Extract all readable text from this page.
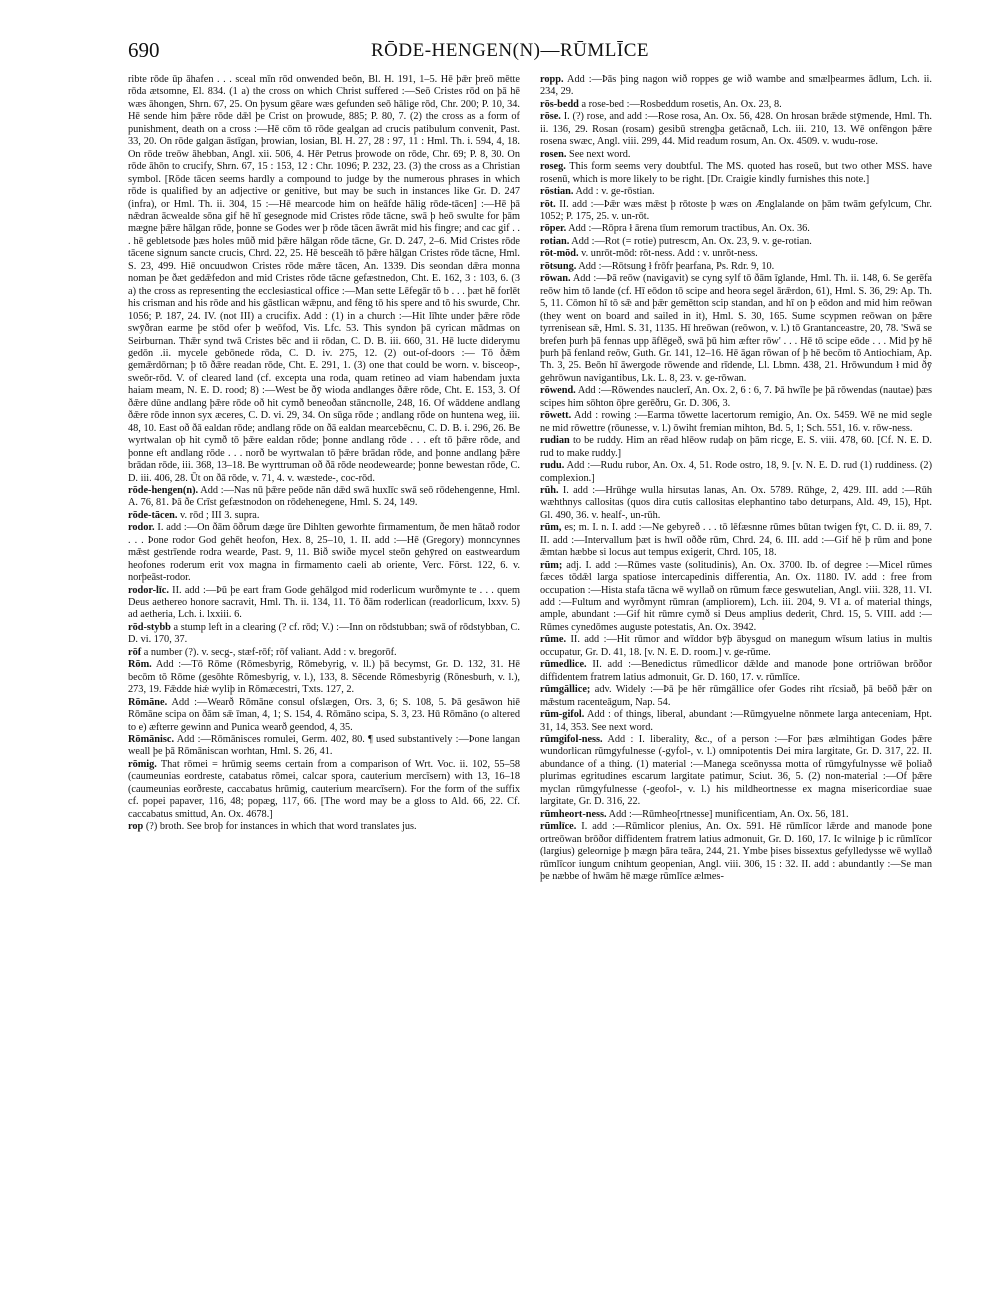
690	RŌDE-HENGEN(N)—RŪMLĪCE

ribte rōde ūp āhafen . . . sceal mīn rōd onwended beōn, Bl. H. 191, 1–5. Hē þǣr þreō mētte rōda ætsomne, El. 834. (1 a) the cross on which Christ suffered :—Seō Cristes rōd on þā hē wæs āhongen, Shrn. 67, 25. On þysum gēare wæs gefunden seō hālige rōd, Chr. 200; P. 10, 34. Hē sende him þǣre rōde dǣl þe Crist on þrowude, 885; P. 80, 7. (2) the cross as a form of punishment, death on a cross :—Hē cōm tō rōde gealgan ad crucis patibulum convenit, Past. 33, 20. On rōde galgan āstīgan, þrowian, losian, Bl. H. 27, 28 : 97, 11 : Hml. Th. i. 594, 4, 18. On rōde treōw āhebban, Angl. xii. 506, 4. Hēr Petrus þrowode on rōde, Chr. 69; P. 8, 30. On rōde āhōn to crucify, Shrn. 67, 15 : 153, 12 : Chr. 1096; P. 232, 23. (3) the cross as a Christian symbol. [Rōde tācen seems hardly a compound to judge by the numerous phrases in which rōde is qualified by an adjective or genitive, but may be such in instances like Gr. D. 247 (infra), or Hml. Th. ii. 304, 15 :—Hē mearcode him on heāfde hālig rōde-tācen] :—Hē þā nǣdran ācwealde sōna gif hē hī gesegnode mid Cristes rōde tācne, swā þ heō swulte for þām mægne þǣre hālgan rōde, þonne se Godes wer þ rōde tācen āwrāt mid his fingre; and cac gif . . . hē gebletsode þæs holes mūð mid þǣre hālgan rōde tācne, Gr. D. 247, 2–6. Mid Cristes rōde tācene signum sancte crucis, Chrd. 22, 25. Hē besceāh tō þǣre hālgan Cristes rōde tācne, Hml. S. 23, 499. Hiē oncuudwon Cristes rōde mǣre tācen, An. 1339. Dis seondan dǣra monna noman þe ðæt gedǣfedon and mid Cristes rōde tācne gefæstnedon, Cht. E. 162, 3 : 103, 6. (3 a) the cross as representing the ecclesiastical office :—Man sette Lēfegār tō b . . . þæt hē forlēt his crisman and his rōde and his gāstlican wǣpnu, and fēng tō his spere and tō his swurde, Chr. 1056; P. 187, 24. IV. (not III) a crucifix. Add : (1) in a church :—Hit līhte under þǣre rōde swȳðran earme þe stōd ofer þ weōfod, Vis. Lfc. 53. This syndon þā cyrican mādmas on Seirburnan. Thǣr synd twā Cristes bēc and ii rōdan, C. D. B. iii. 660, 31. Hē lucte diderymu gedōn .ii. mycele gebōnede rōda, C. D. iv. 275, 12. (2) out-of-doors :— Tō ðǣm gemǣrdōrnan; þ tō ðǣre readan rōde, Cht. E. 291, 1. (3) one that could be worn. v. bisceop-, sweōr-rōd. V. of cleared land (cf. excepta una roda, quam retineo ad viam habendam juxta haiam meam, N. E. D. rood; 8) :—West be ðȳ wioda andlanges ðǣre rōde, Cht. E. 153, 3. Of ðǣre dūne andlang þǣre rōde oð hit cymð beneoðan stāncnolle, 248, 16. Of wāddene andlang ðǣre rōde innon syx æceres, C. D. vi. 29, 34. On sūga rōde ; andlang rōde on huntena weg, iii. 48, 10. East oð ðā ealdan rōde; andlang rōde on ðā ealdan mearcebēcnu, C. D. B. i. 296, 26. Be wyrtwalan oþ hit cymð tō þǣre ealdan rōde; þonne andlang rōde . . . eft tō þǣre rōde, and þonne eft andlang rōde . . . norð be wyrtwalan tō þǣre brādan rōde, and þonne andlang þǣre brādan rōde, iii. 368, 13–18. Be wyrttruman oð ðā rōde neodewearde; þonne bewestan rōde, C. D. iii. 406, 28. Ūt on ðā rōde, v. 71, 4. v. wæstede-, coc-rōd.

rōde-hengen(n). Add :—Nas nū þǣre peōde nān dǣd swā huxlīc swā seō rōdehengenne, Hml. A. 76, 81. Þā ðe Crīst gefæstnodon on rōdehenegene, Hml. S. 24, 149.

rōde-tācen. v. rōd ; III 3. supra.

rodor. I. add :—On ðām ōðrum dæge ūre Dihlten geworhte firmamentum, ðe men hātað rodor . . . Þone rodor God gehēt heofon, Hex. 8, 25–10, 1. II. add :—Hē (Gregory) monncynnes mǣst gestrīende rodra wearde, Past. 9, 11. Bið swiðe mycel steōn gehȳred on eastweardum heofones roderum erit vox magna in firmamento caeli ab oriente, Verc. Först. 122, 6. v. norþeāst-rodor.

rodor-līc. II. add :—Þū þe eart fram Gode gehālgod mid roderlicum wurðmynte te . . . quem Deus aethereo honore sacravit, Hml. Th. ii. 134, 11. Tō ðām roderlican (readorlicum, lxxv. 5) ad aetheria, Lch. i. lxxiii. 6.

rōd-stybb a stump left in a clearing (? cf. rōd; V.) :—Inn on rōdstubban; swā of rōdstybban, C. D. vi. 170, 37.

rōf a number (?). v. secg-, stæf-rōf; rōf valiant. Add : v. bregorōf.

Rōm. Add :—Tō Rōme (Rōmesbyrig, Rōmebyrig, v. ll.) þā becymst, Gr. D. 132, 31. Hē becōm tō Rōme (gesōhte Rōmesbyrig, v. l.), 133, 8. Sēcende Rōmesbyrig (Rōnesburh, v. l.), 273, 19. Fǣdde hiǽ wyliþ in Rōmæcestri, Txts. 127, 2.

Rōmāne. Add :—Wearð Rōmāne consul ofslægen, Ors. 3, 6; S. 108, 5. Þā gesāwon hiē Rōmāne scipa on ðām sǣ īman, 4, 1; S. 154, 4. Rōmāno scipa, S. 3, 23. Hū Rōmāno (o altered to e) æfterre gewinn and Punica wearð geendod, 4, 35.

Rōmānisc. Add :—Rōmānisces romulei, Germ. 402, 80. ¶ used substantively :—Þone langan weall þe þā Rōmāniscan worhtan, Hml. S. 26, 41.

rōmig. That rōmei = hrūmig seems certain from a comparison of Wrt. Voc. ii. 102, 55–58 (caumeunias eordreste, catabatus rōmei, calcar spora, cauterium mercīsern) with 13, 16–18 (caumeunias eorðreste, caccabatus hrūmig, cauterium mearcīsern). For the form of the suffix cf. popei papaver, 116, 48; popæg, 117, 66. [The word may be a gloss to Ald. 66, 22. Cf. caccabatus smittud, An. Ox. 4678.]

rop (?) broth. See broþ for instances in which that word translates jus.

ropp. Add :—Þās þing nagon wið roppes ge wið wambe and smælþearmes ādlum, Lch. ii. 234, 29.

rōs-bedd a rose-bed :—Rosbeddum rosetis, An. Ox. 23, 8.

rōse. I. (?) rose, and add :—Rose rosa, An. Ox. 56, 428. On hrosan brǣde stȳmende, Hml. Th. ii. 136, 29. Rosan (rosam) gesibū strengþa getācnað, Lch. iii. 210, 13. Wē onfēngon þǣre rosena swæc, Angl. viii. 299, 44. Mid readum rosum, An. Ox. 4509. v. wudu-rose.

rosen. See next word.

roseg. This form seems very doubtful. The MS. quoted has roseū, but two other MSS. have rosenū, which is more likely to be right. [Dr. Craigie kindly furnishes this note.]

rōstian. Add : v. ge-rōstian.

rōt. II. add :—Þǣr wæs mǣst þ rōtoste þ wæs on Ænglalande on þām twām gefylcum, Chr. 1052; P. 175, 25. v. un-rōt.

rōper. Add :—Rōpra ł ārena tīum remorum tractibus, An. Ox. 36.

rotian. Add :—Rot (= rotie) putrescm, An. Ox. 23, 9. v. ge-rotian.

rōt-mōd. v. unrōt-mōd: rōt-ness. Add : v. unrōt-ness.

rōtsung. Add :—Rōtsung ł frōfr þearfana, Ps. Rdr. 9, 10.

rōwan. Add :—Þā reōw (navigavit) se cyng sylf tō ðām īglande, Hml. Th. ii. 148, 6. Se gerēfa reōw him tō lande (cf. Hī eōdon tō scipe and heora segel ārǣrdon, 61), Hml. S. 36, 29: Ap. Th. 5, 11. Cōmon hī tō sǣ and þǣr gemētton scip standan, and hī on þ eōdon and mid him reōwan (they went on board and sailed in it), Hml. S. 30, 165. Sume scypmen reōwan on þǣre tyrrenisean sǣ, Hml. S. 31, 1135. Hī hreōwan (reōwon, v. l.) tō Grantanceastre, 20, 78. 'Swā se brefen þurh þā fennas upp āflēgeð, swā þū him æfter rōw' . . . Hē tō scipe eōde . . . Mid þȳ hē þurh þā fenland reōw, Guth. Gr. 141, 12–16. Hē āgan rōwan of þ hē becōm tō Antiochiam, Ap. Th. 3, 25. Beōn hī āwergode rōwende and rīdende, Ll. Lbmn. 438, 21. Hrōwundum ł mid ðȳ gehrōwun navigantibus, Lk. L. 8, 23. v. ge-rōwan.

rōwend. Add :—Rōwendes nauclerī, An. Ox. 2, 6 : 6, 7. Þā hwīle þe þā rōwendas (nautae) þæs scipes him sōhton ōþre gerēðru, Gr. D. 306, 3.

rōwett. Add : rowing :—Earma tōwette lacertorum remigio, An. Ox. 5459. Wē ne mid segle ne mid rōwettre (rōunesse, v. l.) ōwiht fremian mihton, Bd. 5, 1; Sch. 551, 16. v. rōw-ness.

rudian to be ruddy. Him an rēad hlēow rudaþ on þām ricge, E. S. viii. 478, 60. [Cf. N. E. D. rud to make ruddy.]

rudu. Add :—Rudu rubor, An. Ox. 4, 51. Rode ostro, 18, 9. [v. N. E. D. rud (1) ruddiness. (2) complexion.]

rūh. I. add :—Hrūhge wulla hirsutas lanas, An. Ox. 5789. Rūhge, 2, 429. III. add :—Rūh wæhthnys callositas (quos dira cutis callositas elephantino tabo deturpans, Ald. 49, 15), Hpt. Gl. 490, 36. v. healf-, un-rūh.

rūm, es; m. I. n. I. add :—Ne gebyreð . . . tō lēfæsnne rūmes būtan twigen fȳt, C. D. ii. 89, 7. II. add :—Intervallum þæt is hwīl oððe rūm, Chrd. 24, 6. III. add :—Gif hē þ rūm and þone ǣmtan hæbbe si locus aut tempus exigerit, Chrd. 105, 18.

rūm; adj. I. add :—Rūmes vaste (solitudinis), An. Ox. 3700. Ib. of degree :—Micel rūmes fæces tōdǣl larga spatiose intercapedinis differentia, An. Ox. 1180. IV. add : free from occupation :—Hista stafa tācna wē wyllað on rūmum fæce geswutelian, Angl. viii. 328, 11. VI. add :—Fultum and wyrðmynt rūmran (ampliorem), Lch. iii. 204, 9. VI a. of material things, ample, abundant :—Gif hit rūmre cymð si Deus amplius dederit, Chrd. 15, 5. VIII. add :— Rūmes cynedōmes auguste potestatis, An. Ox. 3942.

rūme. II. add :—Hit rūmor and wīddor bȳþ ābysgud on manegum wīsum latius in multis occupatur, Gr. D. 41, 18. [v. N. E. D. room.] v. ge-rūme.

rūmedlice. II. add :—Benedictus rūmedlicor dǣlde and manode þone ortriōwan brōðor diffidentem fratrem latius admonuit, Gr. D. 160, 17. v. rūmlīce.

rūmgāllice; adv. Widely :—Þā þe hēr rūmgāllice ofer Godes riht rīcsiað, þā beōð þǣr on mǣstum racenteāgum, Nap. 54.

rūm-gifol. Add : of things, liberal, abundant :—Rūmgyuelne nōnmete larga anteceniam, Hpt. 31, 14, 353. See next word.

rūmgifol-ness. Add : I. liberality, &c., of a person :—For þæs ælmihtigan Godes þǣre wundorlican rūmgyfulnesse (-gyfol-, v. l.) omnipotentis Dei mira largitate, Gr. D. 317, 22. II. abundance of a thing. (1) material :—Manega sceōnyssa motta of rūmgyfulnysse wē þoliað plurimas egritudines escarum largitate patimur, Sciut. 36, 5. (2) non-material :—Of þǣre myclan rūmgyfulnesse (-geofol-, v. l.) his mildheortnesse ex magna misericordiae suae largitate, Gr. D. 316, 22.

rūmheort-ness. Add :—Rūmheo[rtnesse] munificentiam, An. Ox. 56, 181.

rūmlīce. I. add :—Rūmlicor plenius, An. Ox. 591. Hē rūmlīcor lǣrde and manode þone ortreōwan brōðor diffidentem fratrem latius admonuit, Gr. D. 160, 17. Ic wilnige þ ic rūmlīcor (largius) geleornige þ mægn þāra teāra, 244, 21. Ymbe þises bissextus gefylledysse wē wyllað rūmlīcor iungum cnihtum geopenian, Angl. viii. 306, 15 : 32. II. add : abundantly :—Se man þe næbbe of hwām hē mæge rūmlīce ælmes-
